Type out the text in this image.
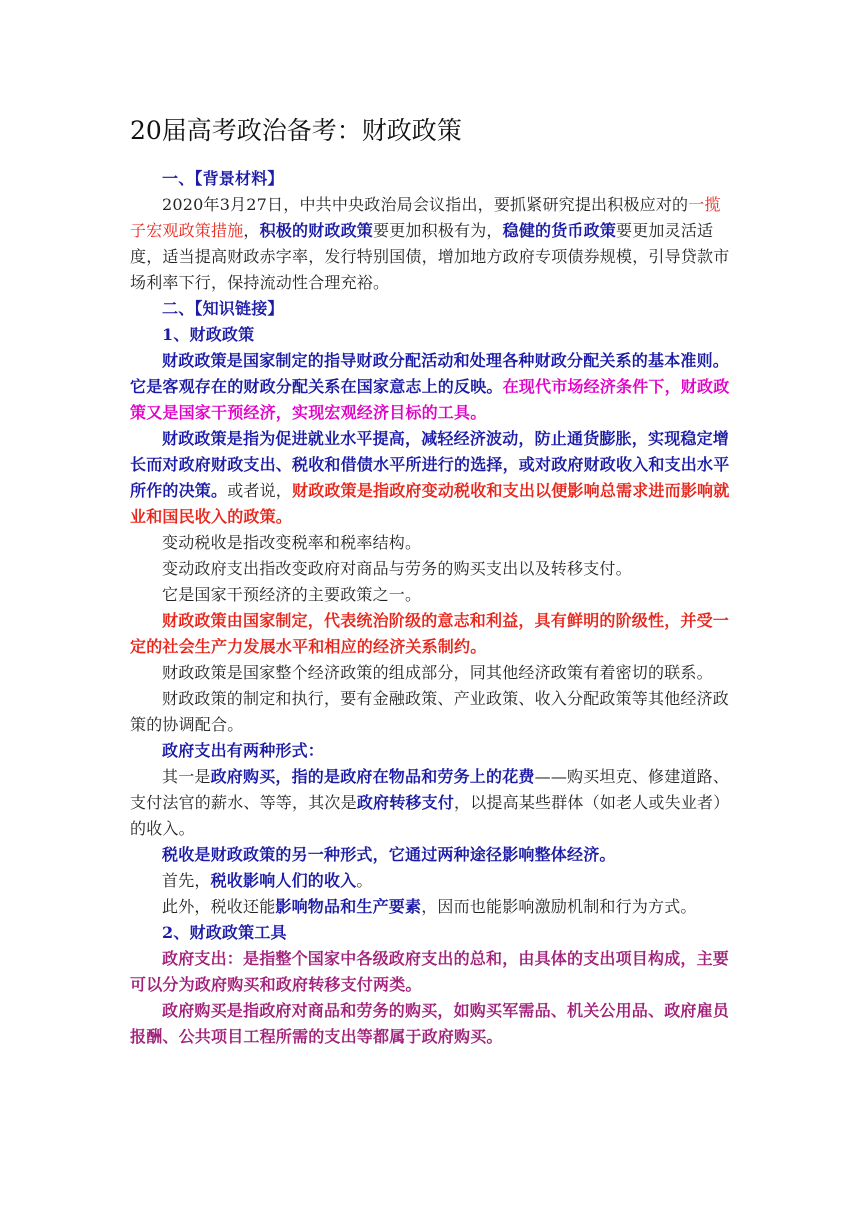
20届高考政治备考：财政政策

一、【背景材料】

2020年3月27日，中共中央政治局会议指出，要抓紧研究提出积极应对的一揽子宏观政策措施，积极的财政政策要更加积极有为，稳健的货币政策要更加灵活适度，适当提高财政赤字率，发行特别国债，增加地方政府专项债券规模，引导贷款市场利率下行，保持流动性合理充裕。

二、【知识链接】

1、财政政策

财政政策是国家制定的指导财政分配活动和处理各种财政分配关系的基本准则。它是客观存在的财政分配关系在国家意志上的反映。在现代市场经济条件下，财政政策又是国家干预经济，实现宏观经济目标的工具。

财政政策是指为促进就业水平提高，减轻经济波动，防止通货膨胀，实现稳定增长而对政府财政支出、税收和借债水平所进行的选择，或对政府财政收入和支出水平所作的决策。或者说，财政政策是指政府变动税收和支出以便影响总需求进而影响就业和国民收入的政策。

变动税收是指改变税率和税率结构。

变动政府支出指改变政府对商品与劳务的购买支出以及转移支付。

它是国家干预经济的主要政策之一。

财政政策由国家制定，代表统治阶级的意志和利益，具有鲜明的阶级性，并受一定的社会生产力发展水平和相应的经济关系制约。

财政政策是国家整个经济政策的组成部分，同其他经济政策有着密切的联系。

财政政策的制定和执行，要有金融政策、产业政策、收入分配政策等其他经济政策的协调配合。

政府支出有两种形式：

其一是政府购买，指的是政府在物品和劳务上的花费——购买坦克、修建道路、支付法官的薪水、等等，其次是政府转移支付，以提高某些群体（如老人或失业者）的收入。

税收是财政政策的另一种形式，它通过两种途径影响整体经济。

首先，税收影响人们的收入。

此外，税收还能影响物品和生产要素，因而也能影响激励机制和行为方式。

2、财政政策工具

政府支出：是指整个国家中各级政府支出的总和，由具体的支出项目构成，主要可以分为政府购买和政府转移支付两类。

政府购买是指政府对商品和劳务的购买，如购买军需品、机关公用品、政府雇员报酬、公共项目工程所需的支出等都属于政府购买。
